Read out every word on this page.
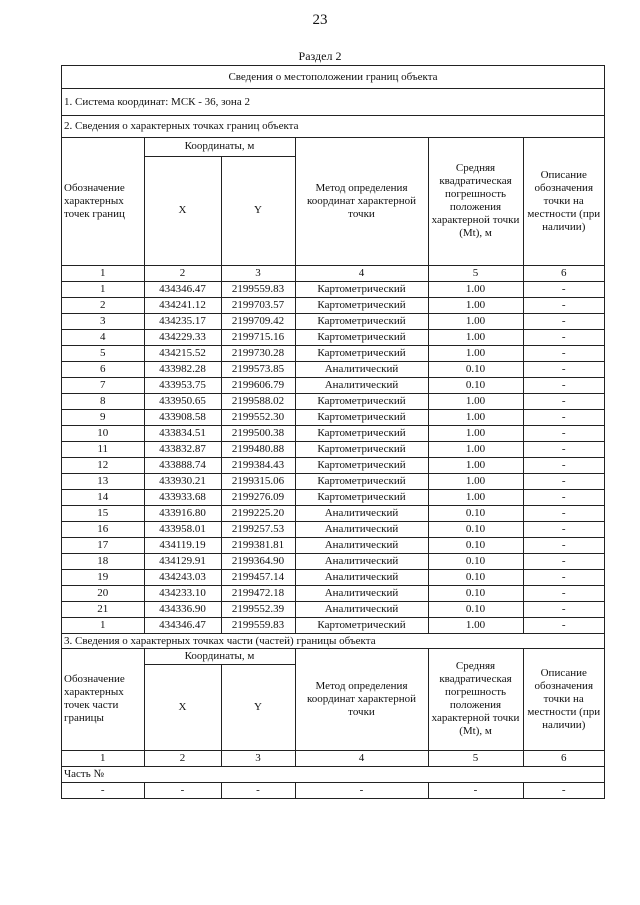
23
Раздел 2
Сведения о местоположении границ объекта
1. Система координат: МСК - 36, зона 2
2. Сведения о характерных точках границ объекта
Обозначение характерных точек границ	Координаты, м		Метод определения координат характерной точки	Средняя квадратическая погрешность положения характерной точки (Mt), м	Описание обозначения точки на местности (при наличии)
	X	Y			
1	2	3	4	5	6
1	434346.47	2199559.83	Картометрический	1.00	-
2	434241.12	2199703.57	Картометрический	1.00	-
3	434235.17	2199709.42	Картометрический	1.00	-
4	434229.33	2199715.16	Картометрический	1.00	-
5	434215.52	2199730.28	Картометрический	1.00	-
6	433982.28	2199573.85	Аналитический	0.10	-
7	433953.75	2199606.79	Аналитический	0.10	-
8	433950.65	2199588.02	Картометрический	1.00	-
9	433908.58	2199552.30	Картометрический	1.00	-
10	433834.51	2199500.38	Картометрический	1.00	-
11	433832.87	2199480.88	Картометрический	1.00	-
12	433888.74	2199384.43	Картометрический	1.00	-
13	433930.21	2199315.06	Картометрический	1.00	-
14	433933.68	2199276.09	Картометрический	1.00	-
15	433916.80	2199225.20	Аналитический	0.10	-
16	433958.01	2199257.53	Аналитический	0.10	-
17	434119.19	2199381.81	Аналитический	0.10	-
18	434129.91	2199364.90	Аналитический	0.10	-
19	434243.03	2199457.14	Аналитический	0.10	-
20	434233.10	2199472.18	Аналитический	0.10	-
21	434336.90	2199552.39	Аналитический	0.10	-
1	434346.47	2199559.83	Картометрический	1.00	-
3. Сведения о характерных точках части (частей) границы объекта
Обозначение характерных точек части границы	Координаты, м		Метод определения координат характерной точки	Средняя квадратическая погрешность положения характерной точки (Mt), м	Описание обозначения точки на местности (при наличии)
	X	Y			
1	2	3	4	5	6
Часть №					
-	-	-	-	-	-
